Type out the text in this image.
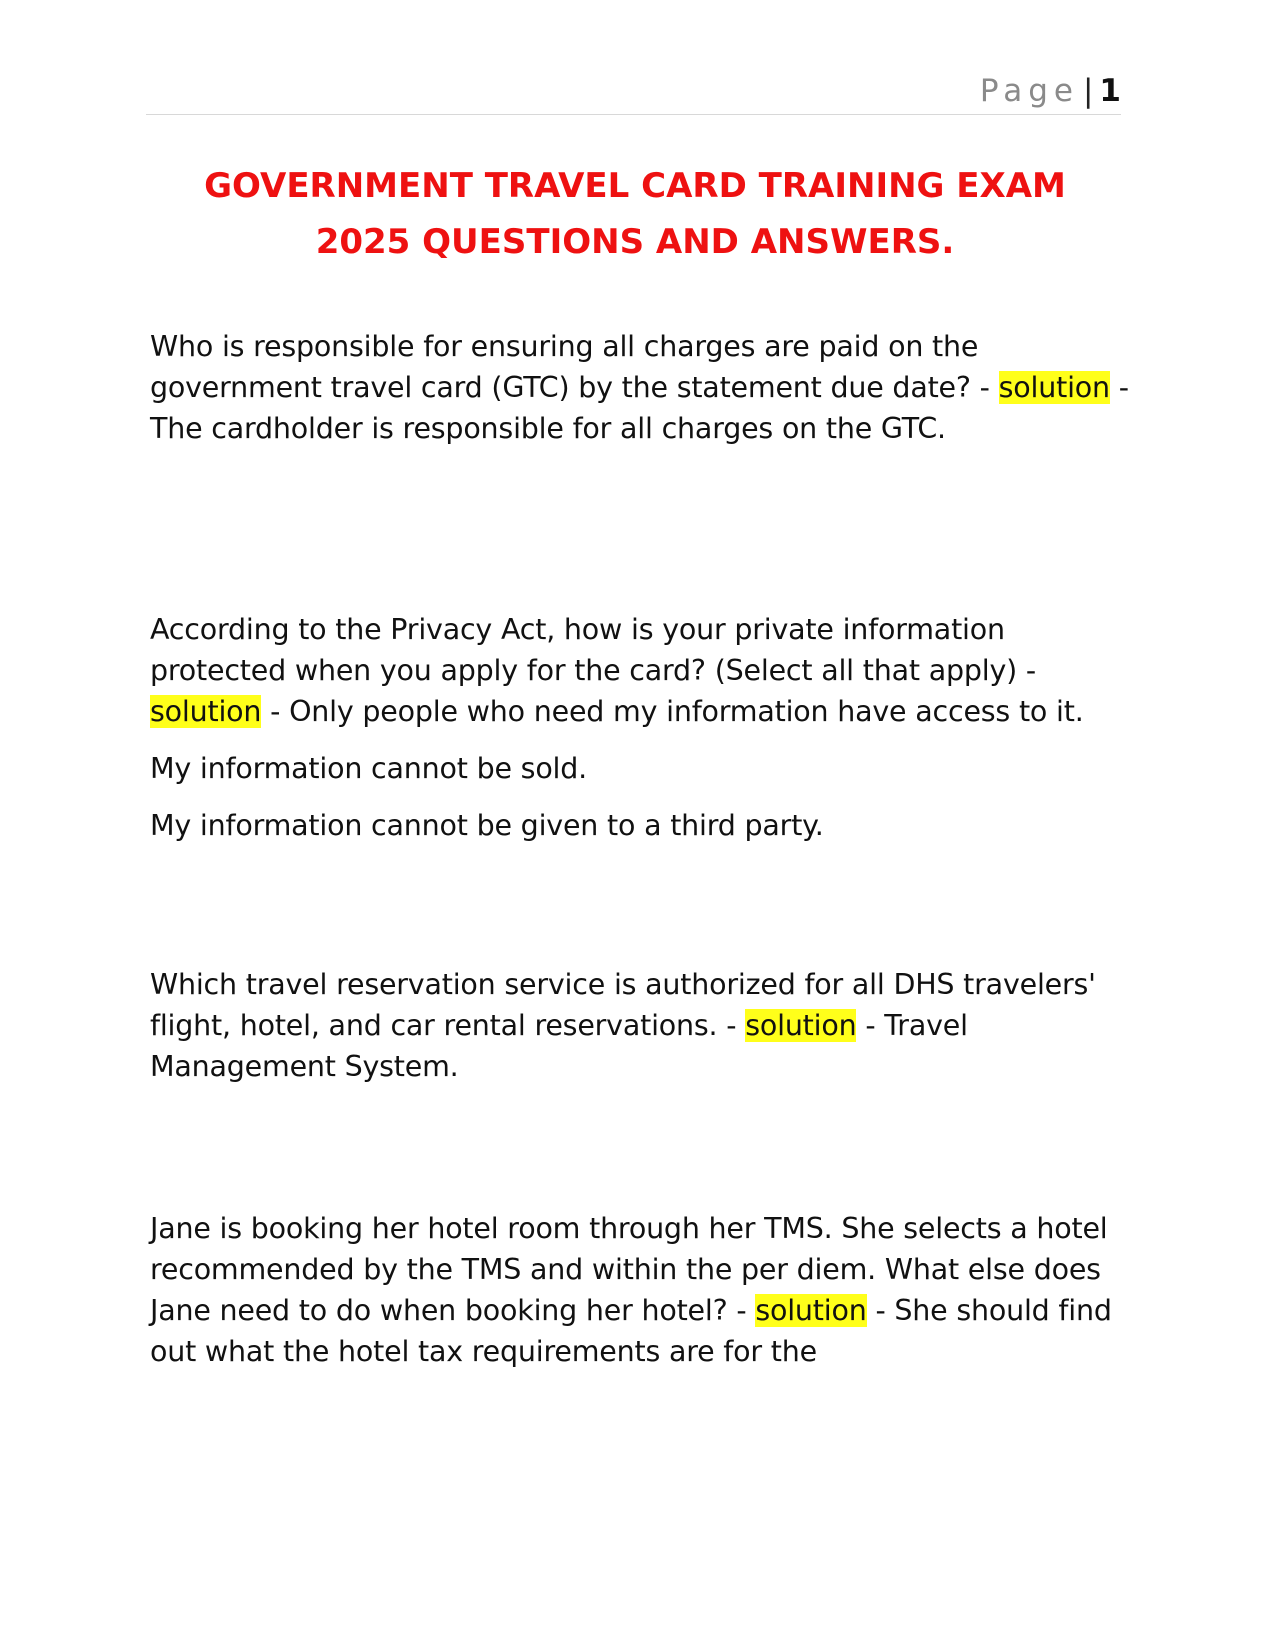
Page | 1
GOVERNMENT TRAVEL CARD TRAINING EXAM
2025 QUESTIONS AND ANSWERS.

Who is responsible for ensuring all charges are paid on the government travel card (GTC) by the statement due date? - solution - The cardholder is responsible for all charges on the GTC.

According to the Privacy Act, how is your private information protected when you apply for the card? (Select all that apply) - solution - Only people who need my information have access to it.

My information cannot be sold.

My information cannot be given to a third party.

Which travel reservation service is authorized for all DHS travelers' flight, hotel, and car rental reservations. - solution - Travel Management System.

Jane is booking her hotel room through her TMS. She selects a hotel recommended by the TMS and within the per diem. What else does Jane need to do when booking her hotel? - solution - She should find out what the hotel tax requirements are for the
